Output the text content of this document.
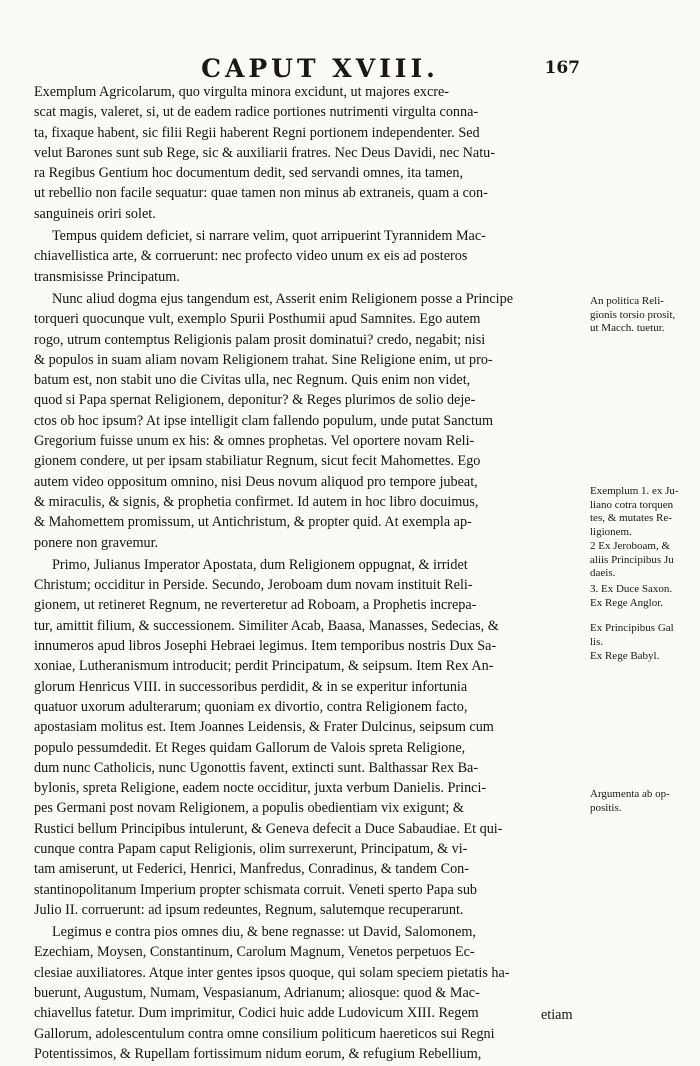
CAPUT XVIII.	167
Exemplum Agricolarum, quo virgulta minora excidunt, ut majores excre-
scat magis, valeret, si, ut de eadem radice portiones nutrimenti virgulta conna-
ta, fixaque habent, sic filii Regii haberent Regni portionem independenter. Sed
velut Barones sunt sub Rege, sic & auxiliarii fratres. Nec Deus Davidi, nec Natu-
ra Regibus Gentium hoc documentum dedit, sed servandi omnes, ita tamen,
ut rebellio non facile sequatur: quae tamen non minus ab extraneis, quam a con-
sanguineis oriri solet.
Tempus quidem deficiet, si narrare velim, quot arripuerint Tyrannidem Mac-
chiavellistica arte, & corruerunt: nec profecto video unum ex eis ad posteros
transmisisse Principatum.
Nunc aliud dogma ejus tangendum est, Asserit enim Religionem posse a Principe
torqueri quocunque vult, exemplo Spurii Posthumii apud Samnites. Ego autem
rogo, utrum contemptus Religionis palam prosit dominatui? credo, negabit; nisi
& populos in suam aliam novam Religionem trahat. Sine Religione enim, ut pro-
batum est, non stabit uno die Civitas ulla, nec Regnum. Quis enim non videt,
quod si Papa spernat Religionem, deponitur? & Reges plurimos de solio deje-
ctos ob hoc ipsum? At ipse intelligit clam fallendo populum, unde putat Sanctum
Gregorium fuisse unum ex his: & omnes prophetas. Vel oportere novam Reli-
gionem condere, ut per ipsam stabiliatur Regnum, sicut fecit Mahomettes. Ego
autem video oppositum omnino, nisi Deus novum aliquod pro tempore jubeat,
& miraculis, & signis, & prophetia confirmet. Id autem in hoc libro docuimus,
& Mahomettem promissum, ut Antichristum, & propter quid. At exempla ap-
ponere non gravemur.
Primo, Julianus Imperator Apostata, dum Religionem oppugnat, & irridet
Christum; occiditur in Perside. Secundo, Jeroboam dum novam instituit Reli-
gionem, ut retineret Regnum, ne reverteretur ad Roboam, a Prophetis increpa-
tur, amittit filium, & successionem. Similiter Acab, Baasa, Manasses, Sedecias, &
innumeros apud libros Josephi Hebraei legimus. Item temporibus nostris Dux Sa-
xoniae, Lutheranismum introducit; perdit Principatum, & seipsum. Item Rex An-
glorum Henricus VIII. in successoribus perdidit, & in se experitur infortunia
quatuor uxorum adulterarum; quoniam ex divortio, contra Religionem facto,
apostasiam molitus est. Item Joannes Leidensis, & Frater Dulcinus, seipsum cum
populo pessumdedit. Et Reges quidam Gallorum de Valois spreta Religione,
dum nunc Catholicis, nunc Ugonottis favent, extincti sunt. Balthassar Rex Ba-
bylonis, spreta Religione, eadem nocte occiditur, juxta verbum Danielis. Princi-
pes Germani post novam Religionem, a populis obedientiam vix exigunt; &
Rustici bellum Principibus intulerunt, & Geneva defecit a Duce Sabaudiae. Et qui-
cunque contra Papam caput Religionis, olim surrexerunt, Principatum, & vi-
tam amiserunt, ut Federici, Henrici, Manfredus, Conradinus, & tandem Con-
stantinopolitanum Imperium propter schismata corruit. Veneti sperto Papa sub
Julio II. corruerunt: ad ipsum redeuntes, Regnum, salutemque recuperarunt.
Legimus e contra pios omnes diu, & bene regnasse: ut David, Salomonem,
Ezechiam, Moysen, Constantinum, Carolum Magnum, Venetos perpetuos Ec-
clesiae auxiliatores. Atque inter gentes ipsos quoque, qui solam speciem pietatis ha-
buerunt, Augustum, Numam, Vespasianum, Adrianum; aliosque: quod & Mac-
chiavellus fatetur. Dum imprimitur, Codici huic adde Ludovicum XIII. Regem
Gallorum, adolescentulum contra omne consilium politicum haereticos sui Regni
Potentissimos, & Rupellam fortissimum nidum eorum, & refugium Rebellium,
etiam
An politica Reli-
gionis torsio prosit,
ut Macch. tuetur.
Exemplum 1. ex Ju-
liano cotra torquen
tes, & mutates Re-
ligionem.
2 Ex Jeroboam, &
aliis Principibus Ju
daeis.
3. Ex Duce Saxon.
Ex Rege Anglor.
Ex Principibus Gal
lis.
Ex Rege Babyl.
Argumenta ab op-
positis.
